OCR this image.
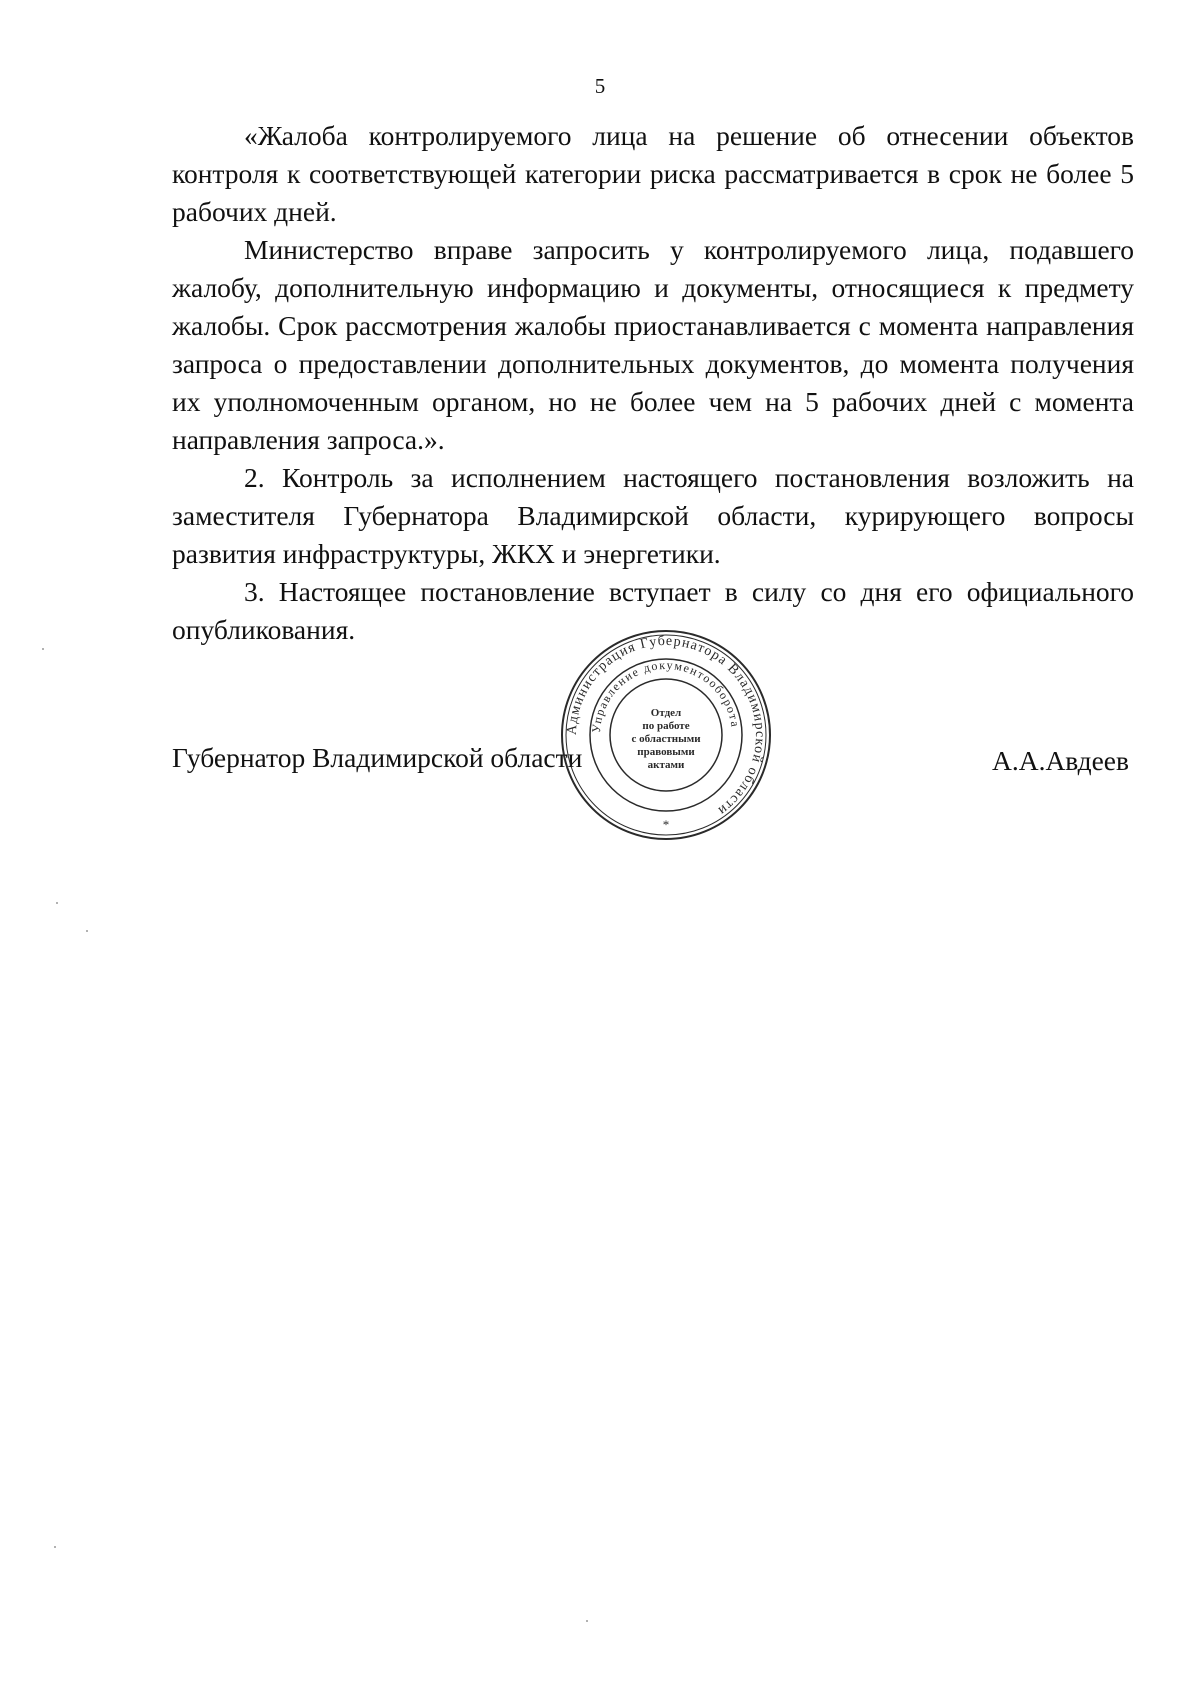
5

«Жалоба контролируемого лица на решение об отнесении объектов контроля к соответствующей категории риска рассматривается в срок не более 5 рабочих дней.

Министерство вправе запросить у контролируемого лица, подавшего жалобу, дополнительную информацию и документы, относящиеся к предмету жалобы. Срок рассмотрения жалобы приостанавливается с момента направления запроса о предоставлении дополнительных документов, до момента получения их уполномоченным органом, но не более чем на 5 рабочих дней с момента направления запроса.».

2. Контроль за исполнением настоящего постановления возложить на заместителя Губернатора Владимирской области, курирующего вопросы развития инфраструктуры, ЖКХ и энергетики.

3. Настоящее постановление вступает в силу со дня его официального опубликования.

Губернатор Владимирской области	А.А.Авдеев
Администрация Губернатора Владимирской области
Управление документооборота
Отдел
по работе
с областными
правовыми
актами
*
